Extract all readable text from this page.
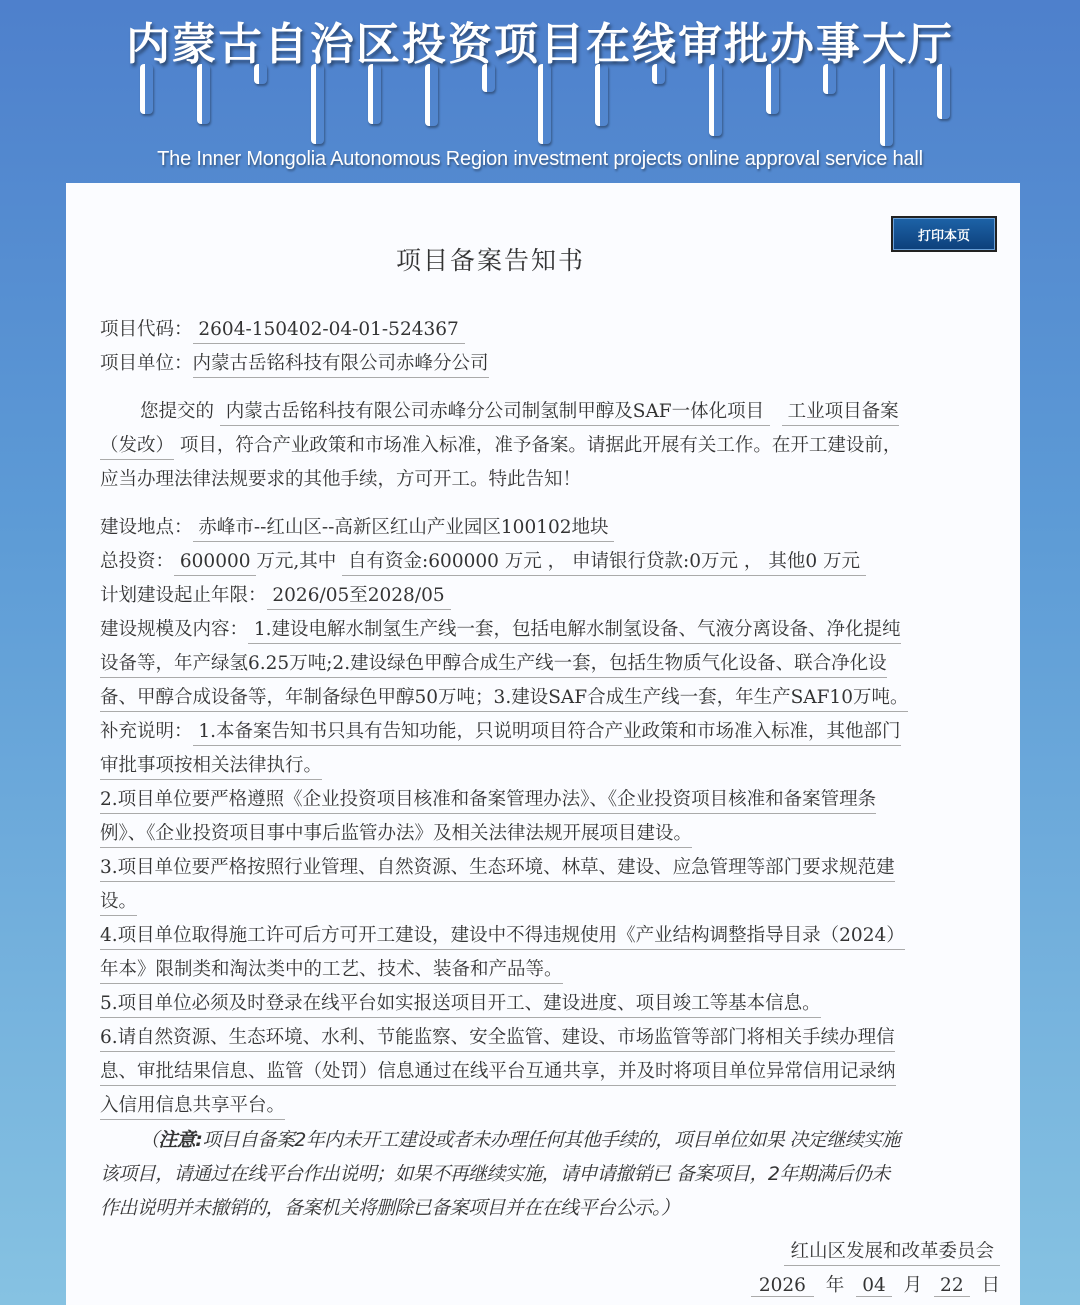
内蒙古自治区投资项目在线审批办事大厅
The Inner Mongolia Autonomous Region investment projects online approval service hall
打印本页
项目备案告知书
项目代码： 2604-150402-04-01-524367
项目单位：内蒙古岳铭科技有限公司赤峰分公司
您提交的  内蒙古岳铭科技有限公司赤峰分公司制氢制甲醇及SAF一体化项目    工业项目备案
（发改） 项目，符合产业政策和市场准入标准，准予备案。请据此开展有关工作。在开工建设前，
应当办理法律法规要求的其他手续，方可开工。特此告知！
建设地点： 赤峰市--红山区--高新区红山产业园区100102地块
总投资： 600000 万元,其中  自有资金:600000 万元 ， 申请银行贷款:0万元 ， 其他0 万元
计划建设起止年限： 2026/05至2028/05
建设规模及内容： 1.建设电解水制氢生产线一套，包括电解水制氢设备、气液分离设备、净化提纯
设备等，年产绿氢6.25万吨;2.建设绿色甲醇合成生产线一套，包括生物质气化设备、联合净化设
备、甲醇合成设备等，年制备绿色甲醇50万吨；3.建设SAF合成生产线一套，年生产SAF10万吨。
补充说明： 1.本备案告知书只具有告知功能，只说明项目符合产业政策和市场准入标准，其他部门
审批事项按相关法律执行。
2.项目单位要严格遵照《企业投资项目核准和备案管理办法》、《企业投资项目核准和备案管理条
例》、《企业投资项目事中事后监管办法》及相关法律法规开展项目建设。
3.项目单位要严格按照行业管理、自然资源、生态环境、林草、建设、应急管理等部门要求规范建
设。
4.项目单位取得施工许可后方可开工建设，建设中不得违规使用《产业结构调整指导目录（2024）
年本》限制类和淘汰类中的工艺、技术、装备和产品等。
5.项目单位必须及时登录在线平台如实报送项目开工、建设进度、项目竣工等基本信息。
6.请自然资源、生态环境、水利、节能监察、安全监管、建设、市场监管等部门将相关手续办理信
息、审批结果信息、监管（处罚）信息通过在线平台互通共享，并及时将项目单位异常信用记录纳
入信用信息共享平台。
（注意:项目自备案2年内未开工建设或者未办理任何其他手续的，项目单位如果 决定继续实施
该项目，请通过在线平台作出说明；如果不再继续实施，请申请撤销已 备案项目，2年期满后仍未
作出说明并未撤销的，备案机关将删除已备案项目并在在线平台公示。）
红山区发展和改革委员会
2026 年 04 月 22 日
